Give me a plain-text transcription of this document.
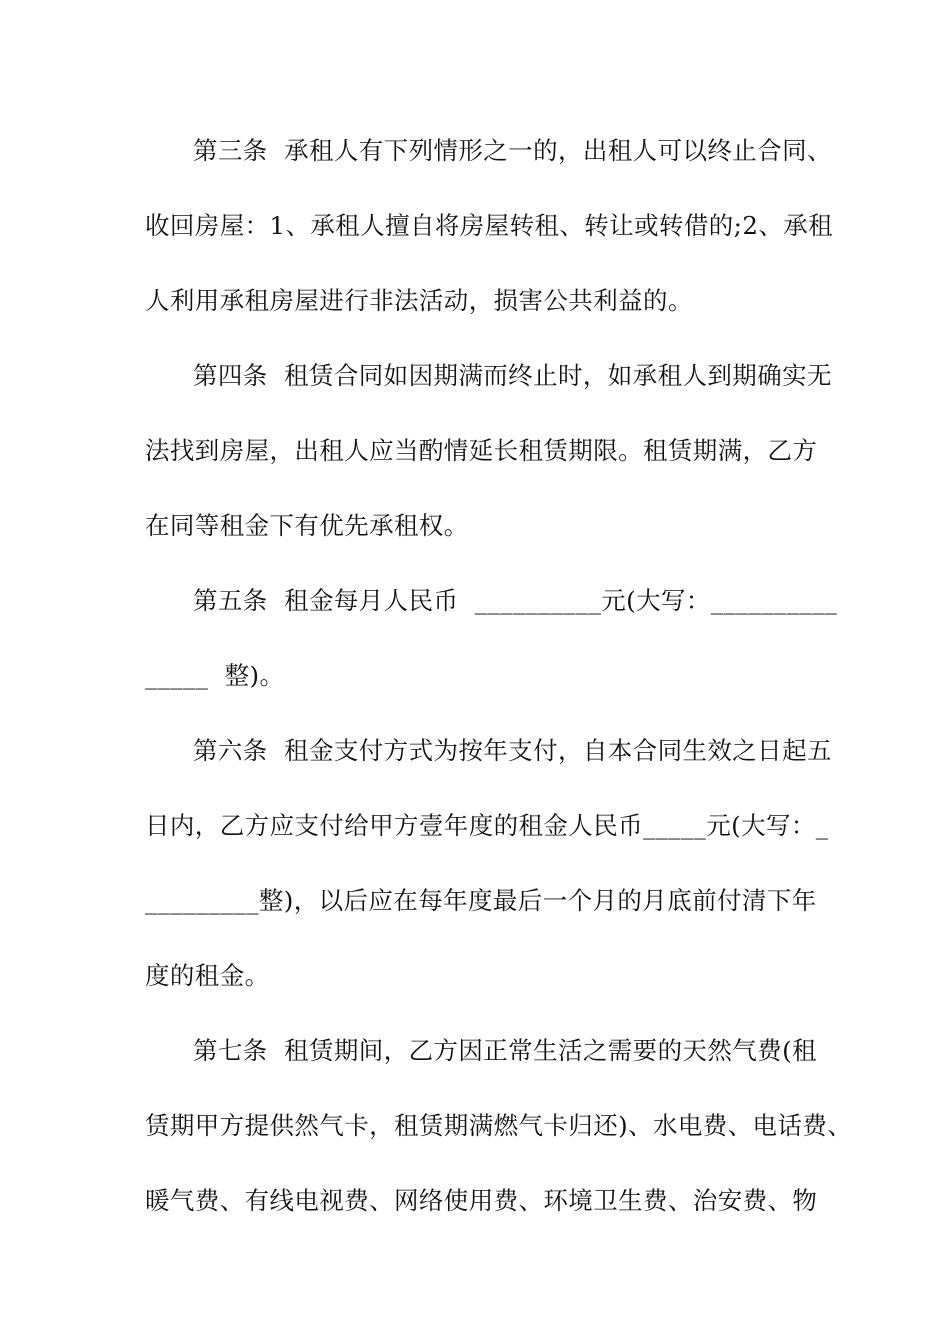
第三条  承租人有下列情形之一的，出租人可以终止合同、
收回房屋：1、承租人擅自将房屋转租、转让或转借的;2、承租
人利用承租房屋进行非法活动，损害公共利益的。
第四条  租赁合同如因期满而终止时，如承租人到期确实无
法找到房屋，出租人应当酌情延长租赁期限。租赁期满，乙方
在同等租金下有优先承租权。
第五条  租金每月人民币  __________元(大写：__________
_____  整)。
第六条  租金支付方式为按年支付，自本合同生效之日起五
日内，乙方应支付给甲方壹年度的租金人民币_____元(大写：_
_________整)，以后应在每年度最后一个月的月底前付清下年
度的租金。
第七条  租赁期间，乙方因正常生活之需要的天然气费(租
赁期甲方提供然气卡，租赁期满燃气卡归还)、水电费、电话费、
暖气费、有线电视费、网络使用费、环境卫生费、治安费、物
